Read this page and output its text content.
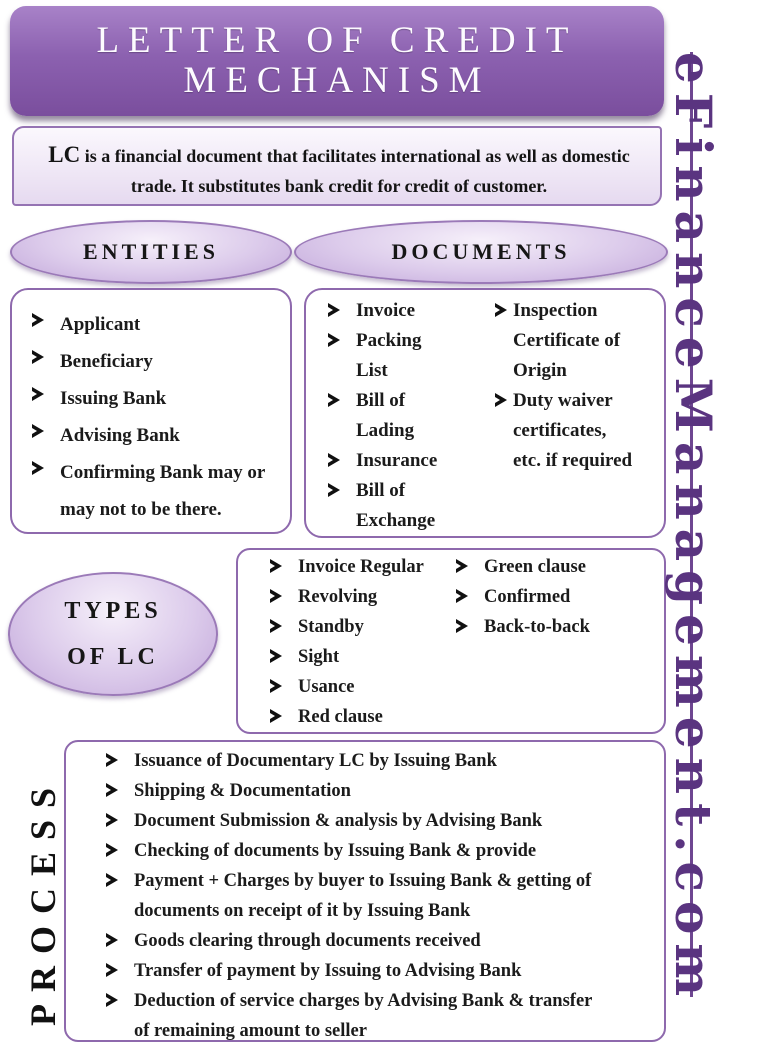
LETTER OF CREDIT
MECHANISM
LC is a financial document that facilitates international as well as domestic trade. It substitutes bank credit for credit of customer.
ENTITIES
Applicant
Beneficiary
Issuing Bank
Advising Bank
Confirming Bank may or may not to be there.
DOCUMENTS
Invoice
Packing List
Bill of Lading
Insurance
Bill of Exchange
Inspection Certificate of Origin
Duty waiver certificates, etc. if required
TYPES
OF LC
Invoice Regular
Revolving
Standby
Sight
Usance
Red clause
Green clause
Confirmed
Back-to-back
PROCESS
Issuance of Documentary LC by Issuing Bank
Shipping & Documentation
Document Submission & analysis by Advising Bank
Checking of documents by Issuing Bank & provide
Payment + Charges by buyer to Issuing Bank & getting of documents on receipt of it by Issuing Bank
Goods clearing through documents received
Transfer of payment by Issuing to Advising Bank
Deduction of service charges by Advising Bank & transfer of remaining amount to seller
eFinanceManagement.com
